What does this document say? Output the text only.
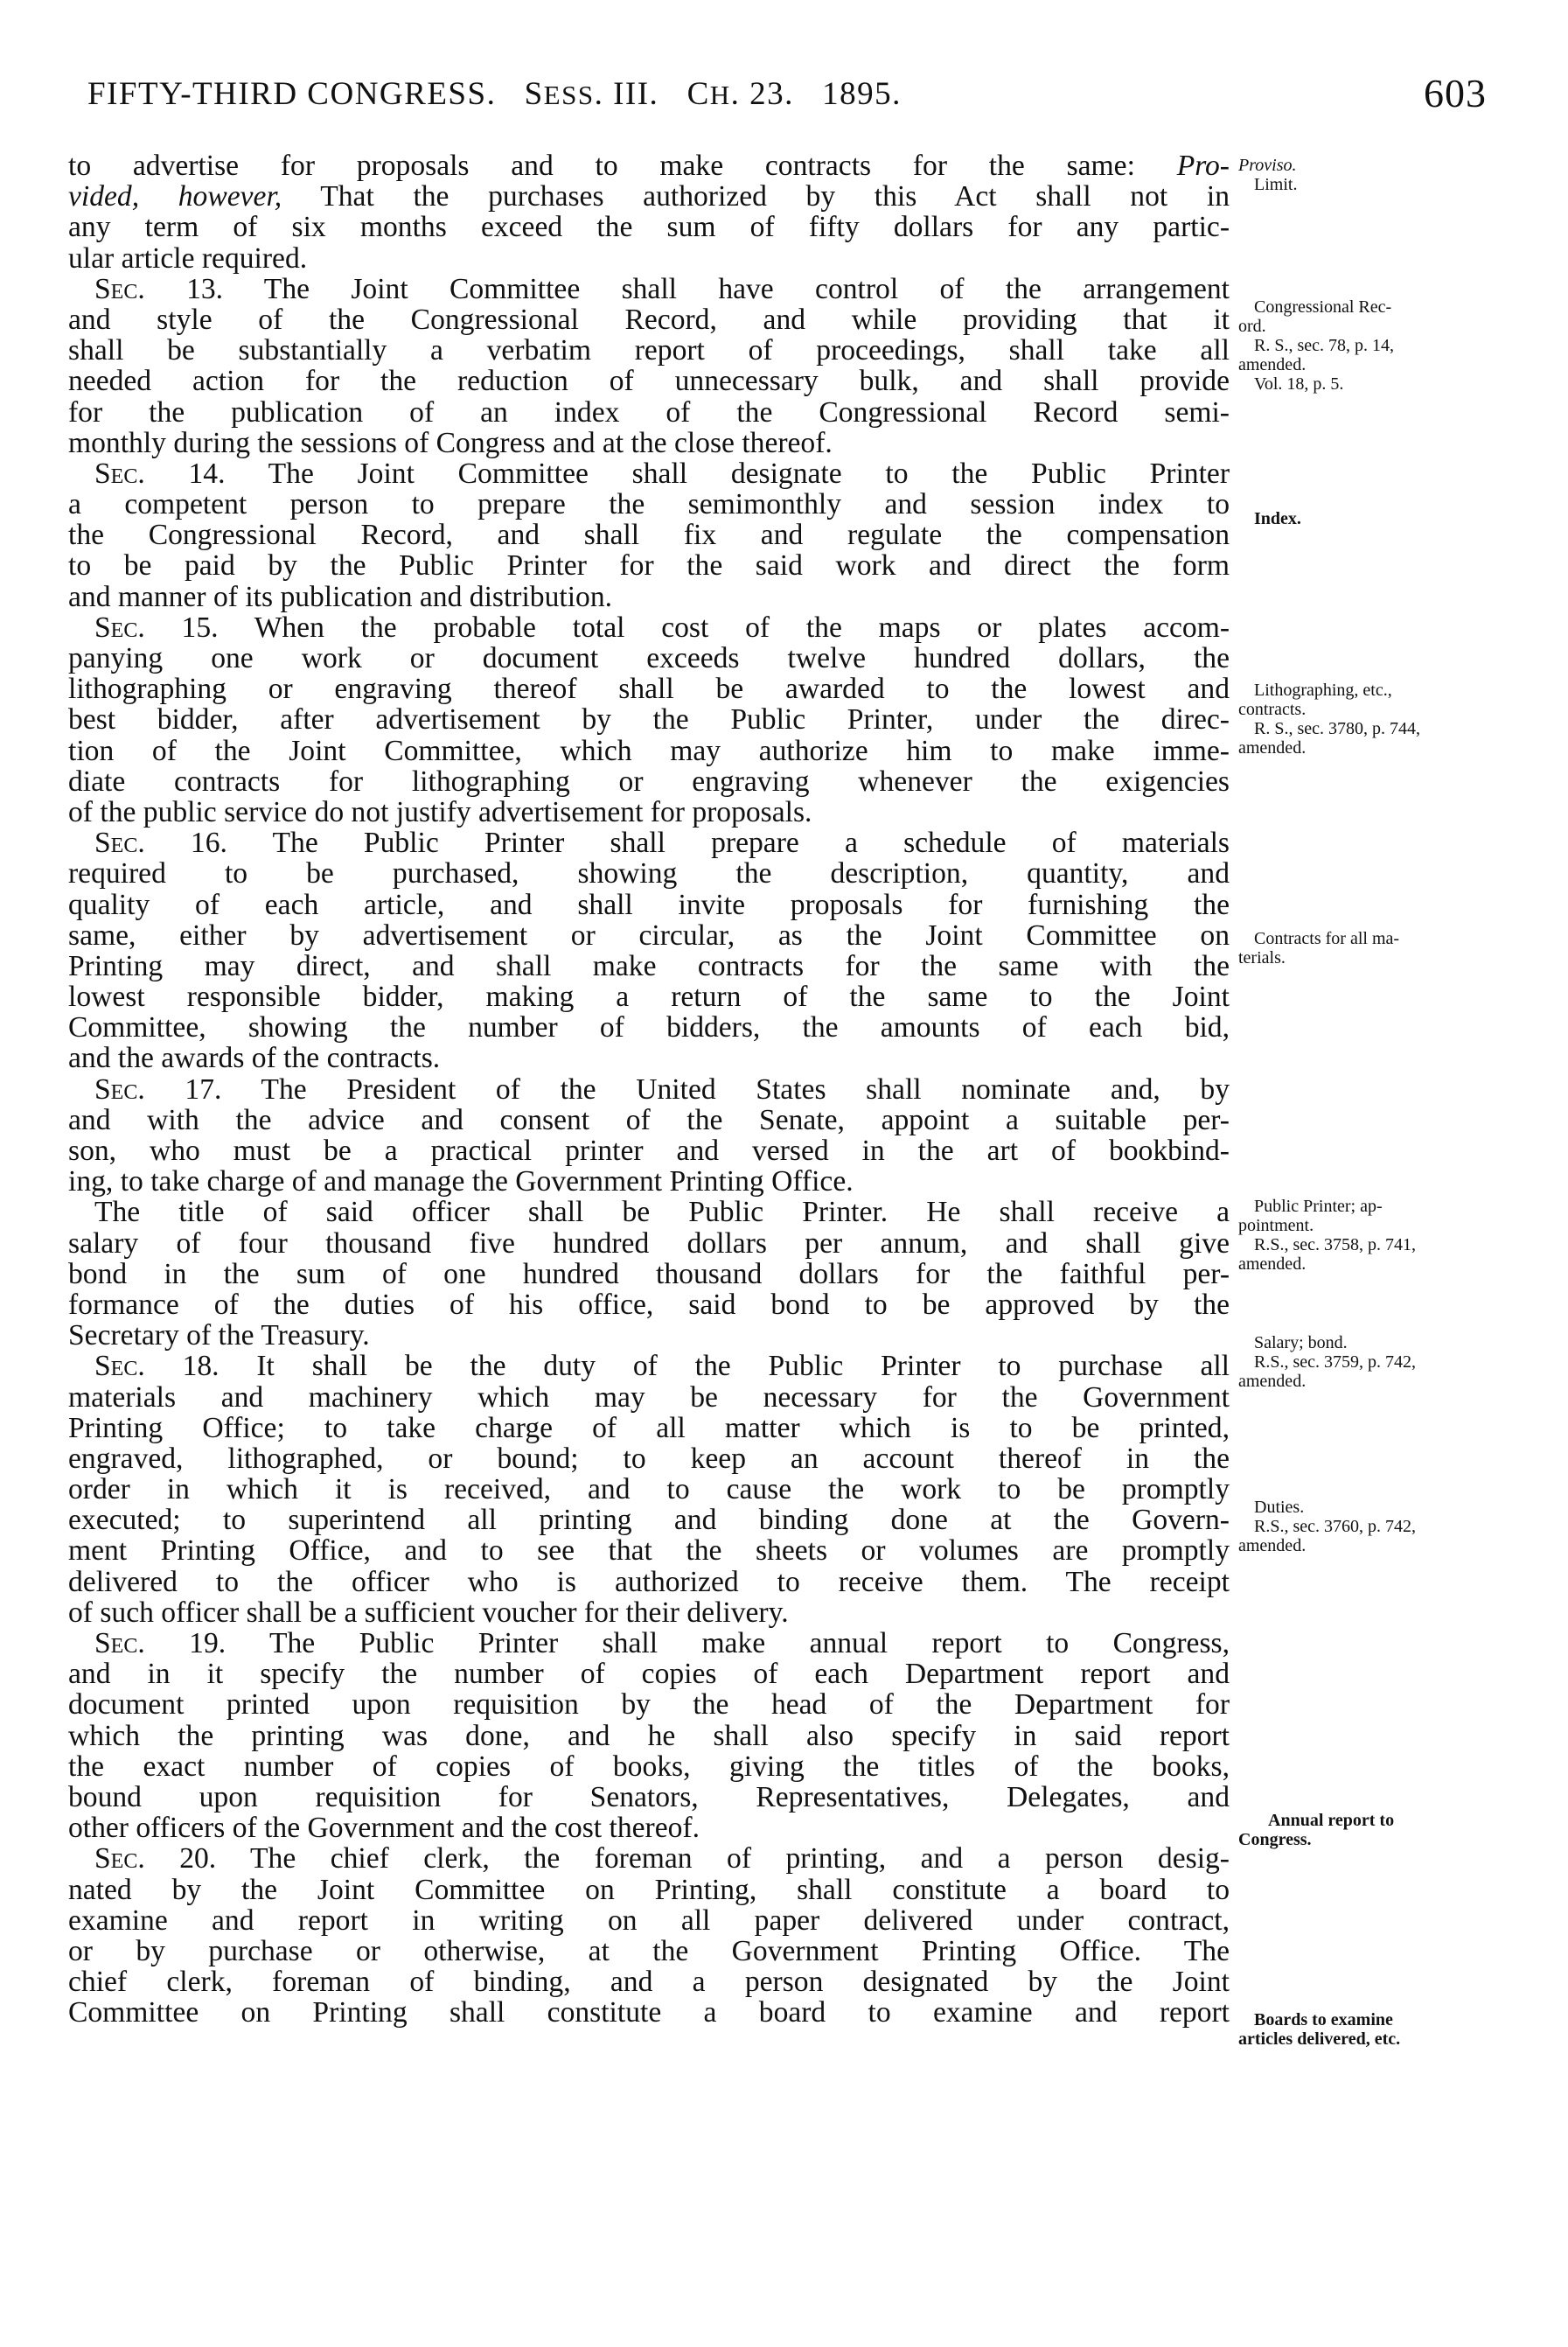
FIFTY-THIRD CONGRESS. SESS. III. CH. 23. 1895.	603
to advertise for proposals and to make contracts for the same: Pro-
vided, however, That the purchases authorized by this Act shall not in
any term of six months exceed the sum of fifty dollars for any partic-
ular article required.
Sec. 13. The Joint Committee shall have control of the arrangement
and style of the Congressional Record, and while providing that it
shall be substantially a verbatim report of proceedings, shall take all
needed action for the reduction of unnecessary bulk, and shall provide
for the publication of an index of the Congressional Record semi-
monthly during the sessions of Congress and at the close thereof.
Sec. 14. The Joint Committee shall designate to the Public Printer
a competent person to prepare the semimonthly and session index to
the Congressional Record, and shall fix and regulate the compensation
to be paid by the Public Printer for the said work and direct the form
and manner of its publication and distribution.
Sec. 15. When the probable total cost of the maps or plates accom-
panying one work or document exceeds twelve hundred dollars, the
lithographing or engraving thereof shall be awarded to the lowest and
best bidder, after advertisement by the Public Printer, under the direc-
tion of the Joint Committee, which may authorize him to make imme-
diate contracts for lithographing or engraving whenever the exigencies
of the public service do not justify advertisement for proposals.
Sec. 16. The Public Printer shall prepare a schedule of materials
required to be purchased, showing the description, quantity, and
quality of each article, and shall invite proposals for furnishing the
same, either by advertisement or circular, as the Joint Committee on
Printing may direct, and shall make contracts for the same with the
lowest responsible bidder, making a return of the same to the Joint
Committee, showing the number of bidders, the amounts of each bid,
and the awards of the contracts.
Sec. 17. The President of the United States shall nominate and, by
and with the advice and consent of the Senate, appoint a suitable per-
son, who must be a practical printer and versed in the art of bookbind-
ing, to take charge of and manage the Government Printing Office.
The title of said officer shall be Public Printer. He shall receive a
salary of four thousand five hundred dollars per annum, and shall give
bond in the sum of one hundred thousand dollars for the faithful per-
formance of the duties of his office, said bond to be approved by the
Secretary of the Treasury.
Sec. 18. It shall be the duty of the Public Printer to purchase all
materials and machinery which may be necessary for the Government
Printing Office; to take charge of all matter which is to be printed,
engraved, lithographed, or bound; to keep an account thereof in the
order in which it is received, and to cause the work to be promptly
executed; to superintend all printing and binding done at the Govern-
ment Printing Office, and to see that the sheets or volumes are promptly
delivered to the officer who is authorized to receive them. The receipt
of such officer shall be a sufficient voucher for their delivery.
Sec. 19. The Public Printer shall make annual report to Congress,
and in it specify the number of copies of each Department report and
document printed upon requisition by the head of the Department for
which the printing was done, and he shall also specify in said report
the exact number of copies of books, giving the titles of the books,
bound upon requisition for Senators, Representatives, Delegates, and
other officers of the Government and the cost thereof.
Sec. 20. The chief clerk, the foreman of printing, and a person desig-
nated by the Joint Committee on Printing, shall constitute a board to
examine and report in writing on all paper delivered under contract,
or by purchase or otherwise, at the Government Printing Office. The
chief clerk, foreman of binding, and a person designated by the Joint
Committee on Printing shall constitute a board to examine and report
Proviso.
Limit.
Congressional Rec-
ord.
R. S., sec. 78, p. 14,
amended.
Vol. 18, p. 5.
Index.
Lithographing, etc.,
contracts.
R. S., sec. 3780, p. 744,
amended.
Contracts for all ma-
terials.
Public Printer; ap-
pointment.
R.S., sec. 3758, p. 741,
amended.
Salary; bond.
R.S., sec. 3759, p. 742,
amended.
Duties.
R.S., sec. 3760, p. 742,
amended.
Annual report to
Congress.
Boards to examine
articles delivered, etc.
